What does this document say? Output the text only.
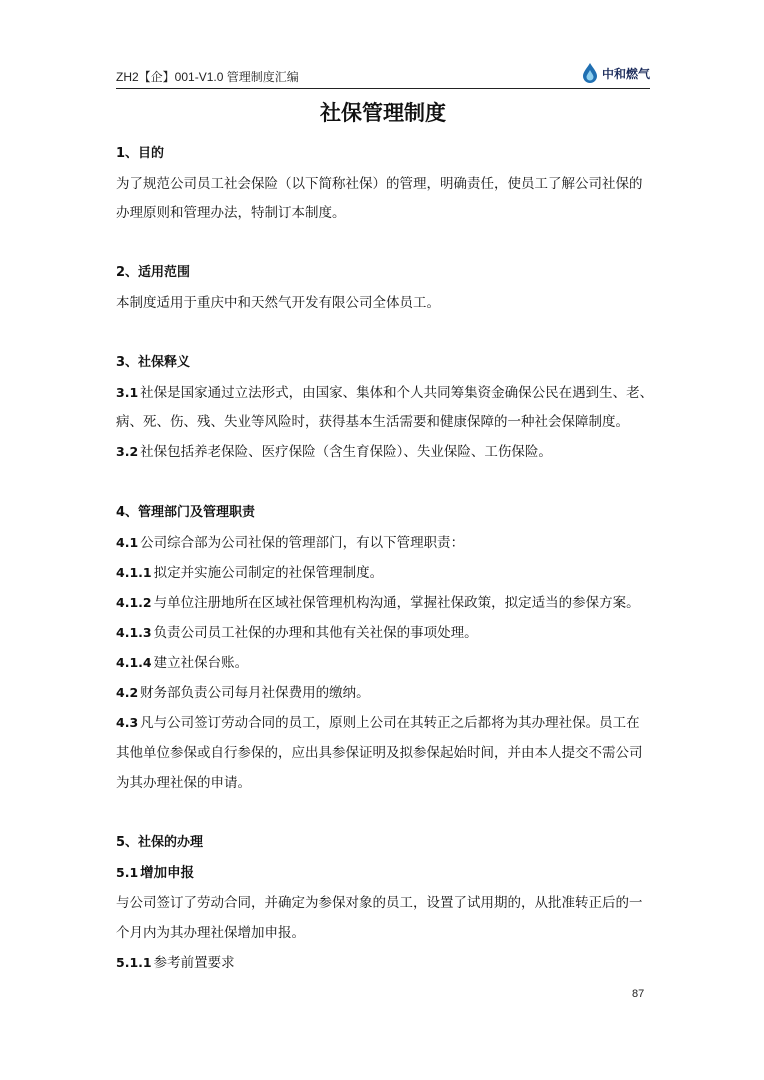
ZH2【企】001-V1.0 管理制度汇编	中和燃气
社保管理制度
1、目的
为了规范公司员工社会保险（以下简称社保）的管理，明确责任，使员工了解公司社保的
办理原则和管理办法，特制订本制度。
2、适用范围
本制度适用于重庆中和天然气开发有限公司全体员工。
3、社保释义
3.1 社保是国家通过立法形式，由国家、集体和个人共同筹集资金确保公民在遇到生、老、
病、死、伤、残、失业等风险时，获得基本生活需要和健康保障的一种社会保障制度。
3.2 社保包括养老保险、医疗保险（含生育保险）、失业保险、工伤保险。
4、管理部门及管理职责
4.1 公司综合部为公司社保的管理部门，有以下管理职责：
4.1.1 拟定并实施公司制定的社保管理制度。
4.1.2 与单位注册地所在区域社保管理机构沟通，掌握社保政策，拟定适当的参保方案。
4.1.3 负责公司员工社保的办理和其他有关社保的事项处理。
4.1.4 建立社保台账。
4.2 财务部负责公司每月社保费用的缴纳。
4.3 凡与公司签订劳动合同的员工，原则上公司在其转正之后都将为其办理社保。员工在
其他单位参保或自行参保的，应出具参保证明及拟参保起始时间，并由本人提交不需公司
为其办理社保的申请。
5、社保的办理
5.1 增加申报
与公司签订了劳动合同，并确定为参保对象的员工，设置了试用期的，从批准转正后的一
个月内为其办理社保增加申报。
5.1.1 参考前置要求
87
